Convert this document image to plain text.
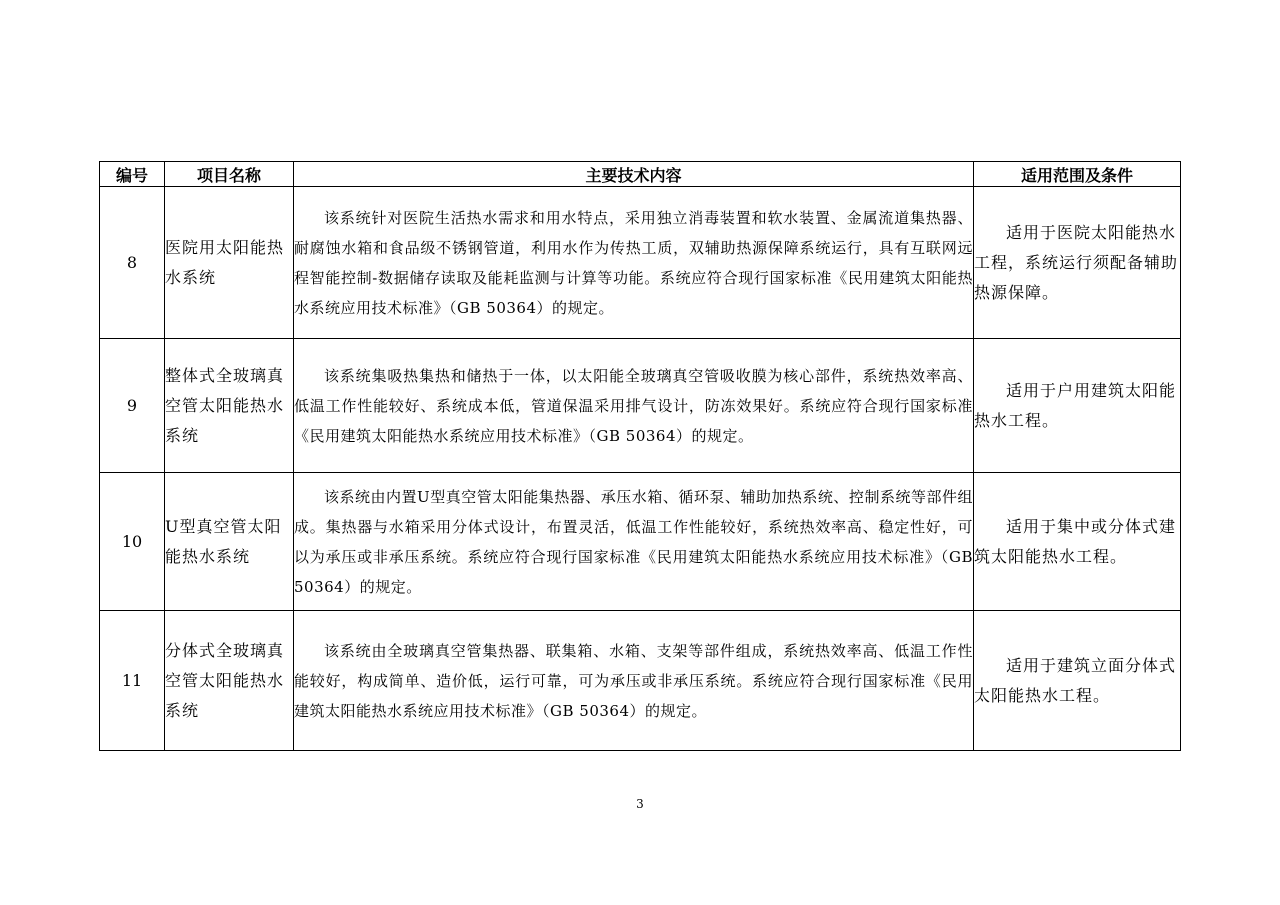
编号	项目名称	主要技术内容	适用范围及条件
8	医院用太阳能热水系统	该系统针对医院生活热水需求和用水特点，采用独立消毒装置和软水装置、金属流道集热器、耐腐蚀水箱和食品级不锈钢管道，利用水作为传热工质，双辅助热源保障系统运行，具有互联网远程智能控制-数据储存读取及能耗监测与计算等功能。系统应符合现行国家标准《民用建筑太阳能热水系统应用技术标准》（GB 50364）的规定。	适用于医院太阳能热水工程，系统运行须配备辅助热源保障。
9	整体式全玻璃真空管太阳能热水系统	该系统集吸热集热和储热于一体，以太阳能全玻璃真空管吸收膜为核心部件，系统热效率高、低温工作性能较好、系统成本低，管道保温采用排气设计，防冻效果好。系统应符合现行国家标准《民用建筑太阳能热水系统应用技术标准》（GB 50364）的规定。	适用于户用建筑太阳能热水工程。
10	U型真空管太阳能热水系统	该系统由内置U型真空管太阳能集热器、承压水箱、循环泵、辅助加热系统、控制系统等部件组成。集热器与水箱采用分体式设计，布置灵活，低温工作性能较好，系统热效率高、稳定性好，可以为承压或非承压系统。系统应符合现行国家标准《民用建筑太阳能热水系统应用技术标准》（GB 50364）的规定。	适用于集中或分体式建筑太阳能热水工程。
11	分体式全玻璃真空管太阳能热水系统	该系统由全玻璃真空管集热器、联集箱、水箱、支架等部件组成，系统热效率高、低温工作性能较好，构成简单、造价低，运行可靠，可为承压或非承压系统。系统应符合现行国家标准《民用建筑太阳能热水系统应用技术标准》（GB 50364）的规定。	适用于建筑立面分体式太阳能热水工程。
3
